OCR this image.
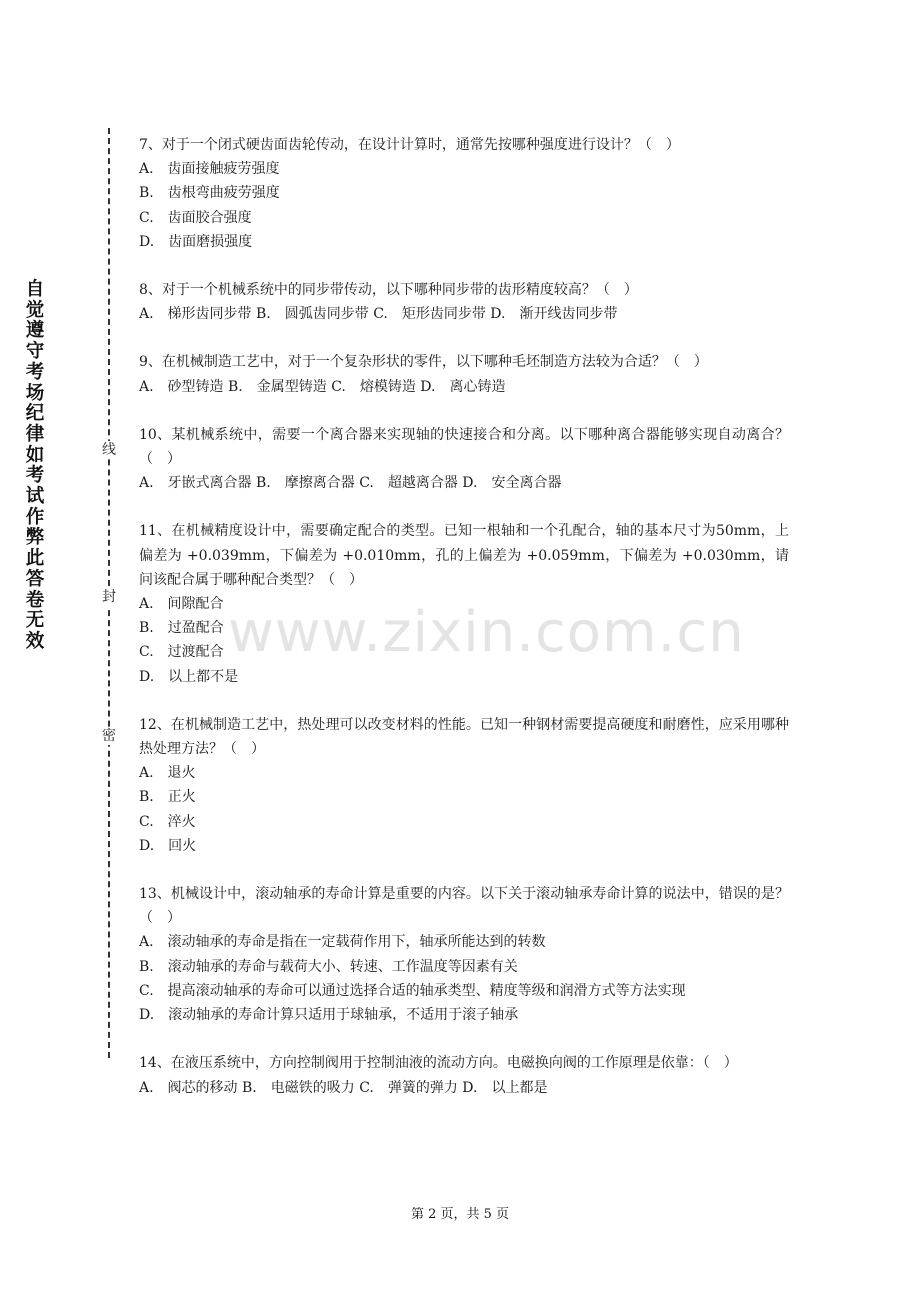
自觉遵守考场纪律如考试作弊此答卷无效
线
封
密
www.zixin.com.cn

7、对于一个闭式硬齿面齿轮传动，在设计计算时，通常先按哪种强度进行设计？（　）

A.　齿面接触疲劳强度

B.　齿根弯曲疲劳强度

C.　齿面胶合强度

D.　齿面磨损强度

8、对于一个机械系统中的同步带传动，以下哪种同步带的齿形精度较高？（　）

A.　梯形齿同步带 B.　圆弧齿同步带 C.　矩形齿同步带 D.　渐开线齿同步带

9、在机械制造工艺中，对于一个复杂形状的零件，以下哪种毛坯制造方法较为合适？（　）

A.　砂型铸造 B.　金属型铸造 C.　熔模铸造 D.　离心铸造

10、某机械系统中，需要一个离合器来实现轴的快速接合和分离。以下哪种离合器能够实现自动离合？（　）

A.　牙嵌式离合器 B.　摩擦离合器 C.　超越离合器 D.　安全离合器

11、在机械精度设计中，需要确定配合的类型。已知一根轴和一个孔配合，轴的基本尺寸为50mm，上偏差为 +0.039mm，下偏差为 +0.010mm，孔的上偏差为 +0.059mm，下偏差为 +0.030mm，请问该配合属于哪种配合类型？（　）

A.　间隙配合

B.　过盈配合

C.　过渡配合

D.　以上都不是

12、在机械制造工艺中，热处理可以改变材料的性能。已知一种钢材需要提高硬度和耐磨性，应采用哪种热处理方法？（　）

A.　退火

B.　正火

C.　淬火

D.　回火

13、机械设计中，滚动轴承的寿命计算是重要的内容。以下关于滚动轴承寿命计算的说法中，错误的是？（　）

A.　滚动轴承的寿命是指在一定载荷作用下，轴承所能达到的转数

B.　滚动轴承的寿命与载荷大小、转速、工作温度等因素有关

C.　提高滚动轴承的寿命可以通过选择合适的轴承类型、精度等级和润滑方式等方法实现

D.　滚动轴承的寿命计算只适用于球轴承，不适用于滚子轴承

14、在液压系统中，方向控制阀用于控制油液的流动方向。电磁换向阀的工作原理是依靠：（　）

A.　阀芯的移动 B.　电磁铁的吸力 C.　弹簧的弹力 D.　以上都是

第 2 页，共 5 页
